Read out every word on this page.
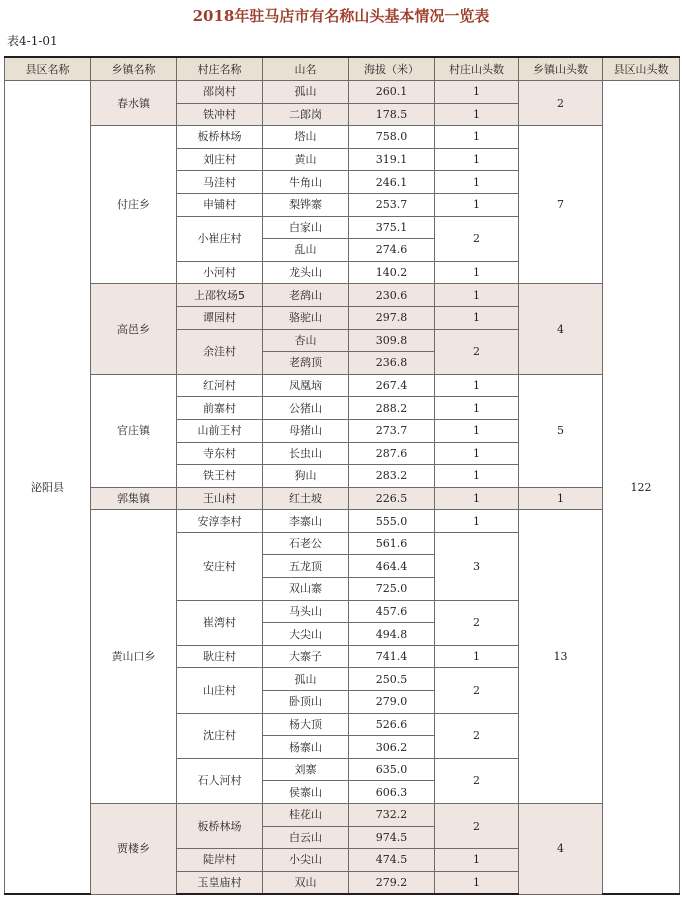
2018年驻马店市有名称山头基本情况一览表
表4-1-01
县区名称	乡镇名称	村庄名称	山名	海拔（米）	村庄山头数	乡镇山头数	县区山头数
泌阳县	春水镇	邵岗村	孤山	260.1	1	2	122
		铁冲村	二郎岗	178.5	1		
	付庄乡	板桥林场	塔山	758.0	1	7	
		刘庄村	黄山	319.1	1		
		马洼村	牛角山	246.1	1		
		申铺村	梨铧寨	253.7	1		
		小崔庄村	白家山	375.1	2		
			乱山	274.6			
		小河村	龙头山	140.2	1		
	高邑乡	上邵牧场5	老鸹山	230.6	1	4	
		谭园村	骆驼山	297.8	1		
		余洼村	杏山	309.8	2		
			老鸹顶	236.8			
	官庄镇	红河村	凤凰垴	267.4	1	5	
		前寨村	公猪山	288.2	1		
		山前王村	母猪山	273.7	1		
		寺东村	长虫山	287.6	1		
		铁王村	狗山	283.2	1		
	郭集镇	王山村	红土坡	226.5	1	1	
	黄山口乡	安淳李村	李寨山	555.0	1	13	
		安庄村	石老公	561.6	3		
			五龙顶	464.4			
			双山寨	725.0			
		崔湾村	马头山	457.6	2		
			大尖山	494.8			
		耿庄村	大寨子	741.4	1		
		山庄村	孤山	250.5	2		
			卧顶山	279.0			
		沈庄村	杨大顶	526.6	2		
			杨寨山	306.2			
		石人河村	刘寨	635.0	2		
			侯寨山	606.3			
	贾楼乡	板桥林场	桂花山	732.2	2	4	
			白云山	974.5			
		陡岸村	小尖山	474.5	1		
		玉皇庙村	双山	279.2	1		
